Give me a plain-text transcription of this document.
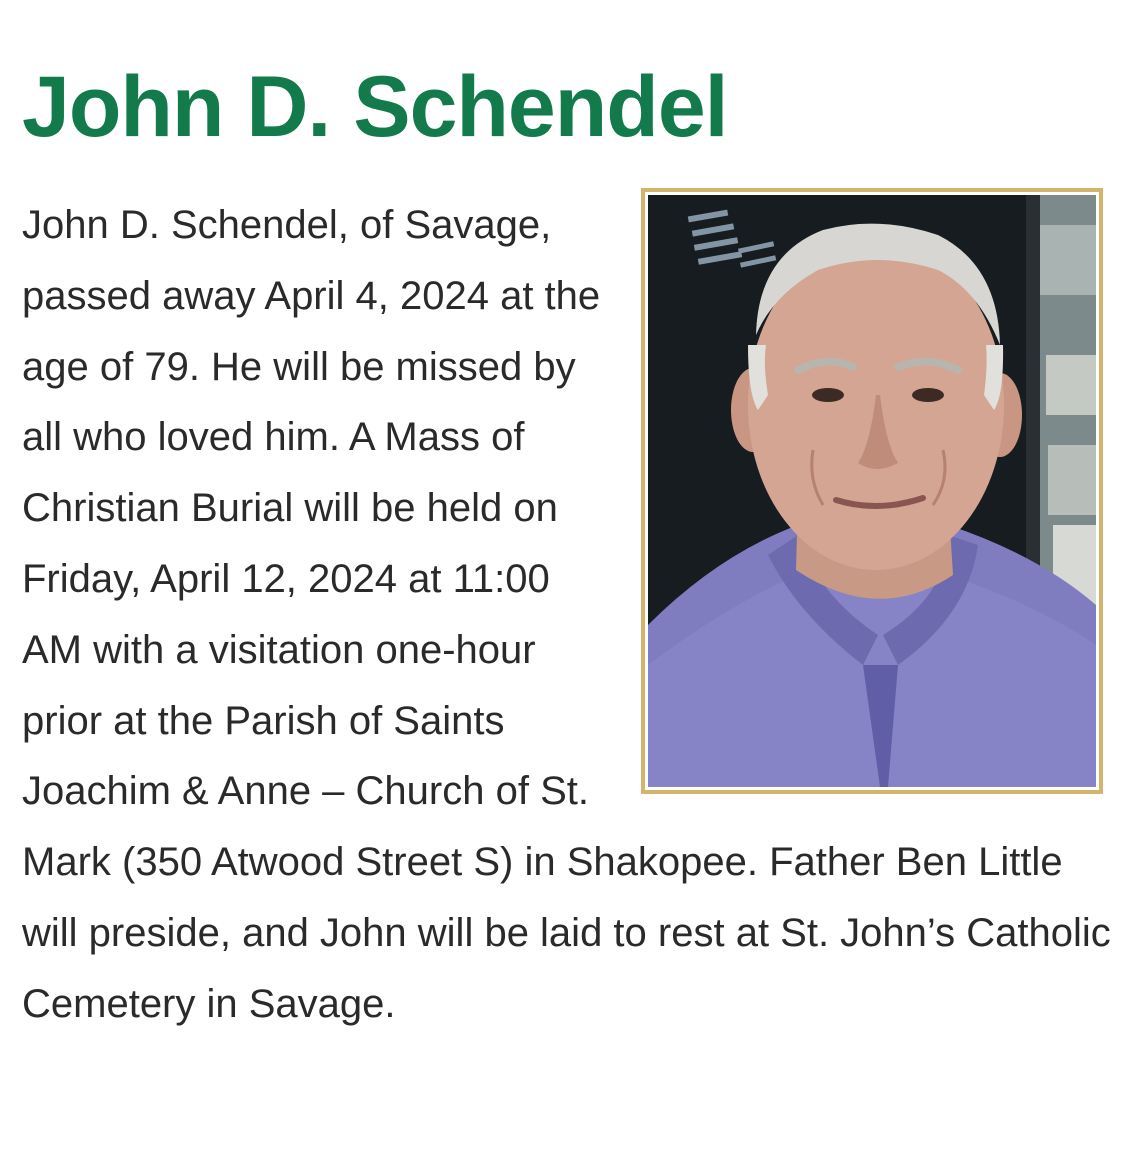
John D. Schendel

John D. Schendel, of Savage, passed away April 4, 2024 at the age of 79. He will be missed by all who loved him. A Mass of Christian Burial will be held on Friday, April 12, 2024 at 11:00 AM with a visitation one-hour prior at the Parish of Saints Joachim & Anne – Church of St. Mark (350 Atwood Street S) in Shakopee. Father Ben Little will preside, and John will be laid to rest at St. John’s Catholic Cemetery in Savage.
